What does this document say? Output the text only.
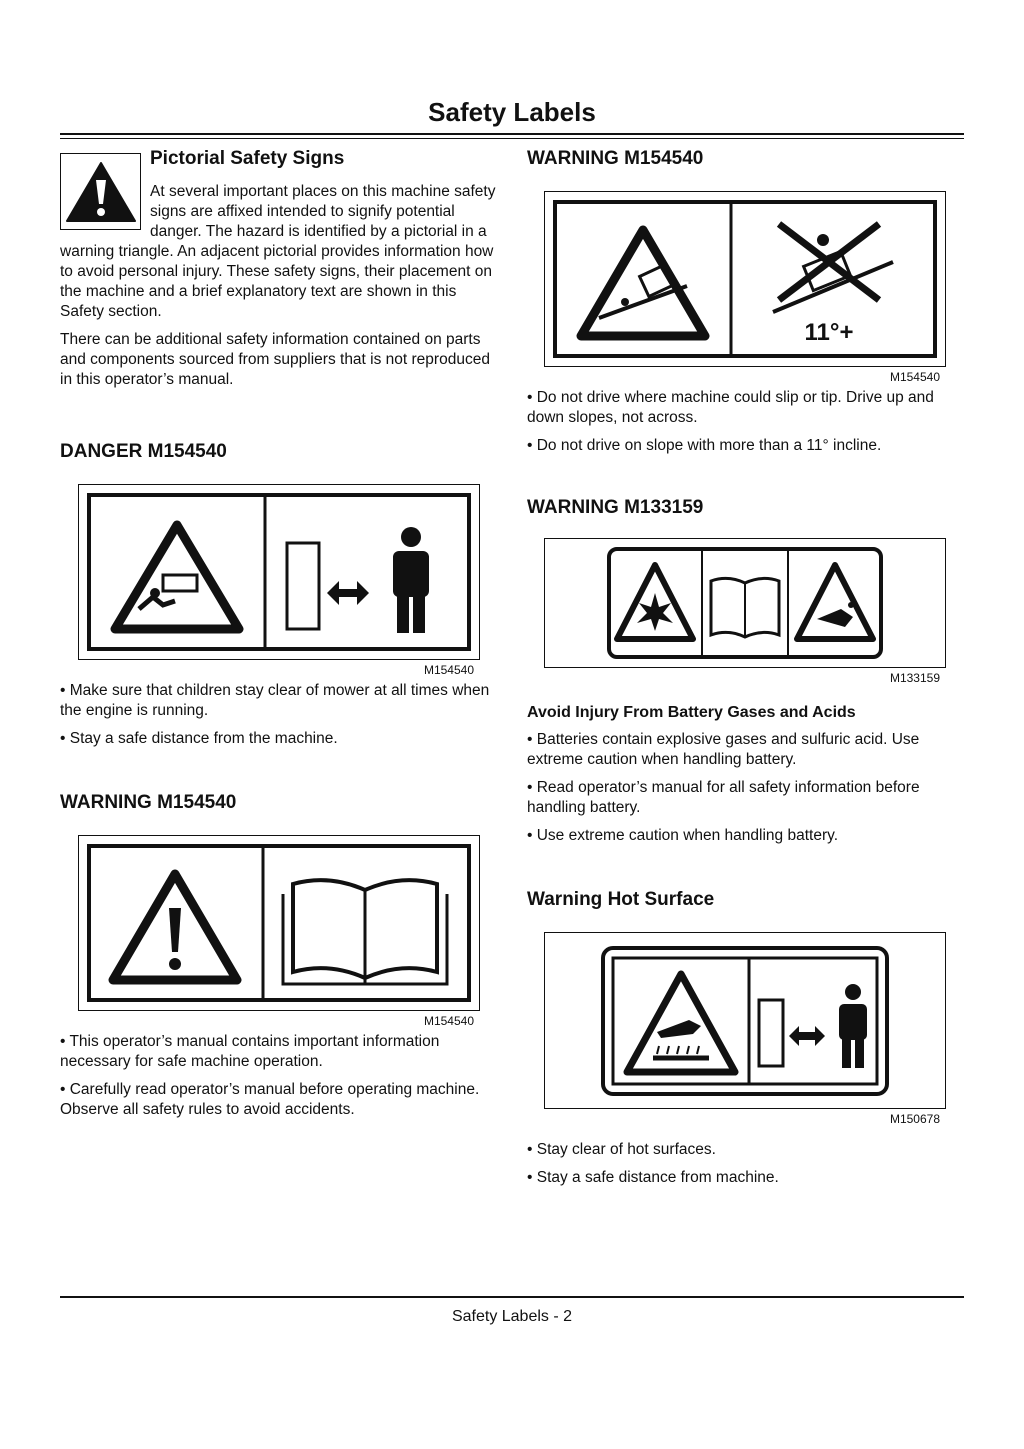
Safety Labels
Pictorial Safety Signs

At several important places on this machine safety signs are affixed intended to signify potential danger. The hazard is identified by a pictorial in a warning triangle. An adjacent pictorial provides information how to avoid personal injury. These safety signs, their placement on the machine and a brief explanatory text are shown in this Safety section.

There can be additional safety information contained on parts and components sourced from suppliers that is not reproduced in this operator’s manual.

DANGER M154540
M154540

• Make sure that children stay clear of mower at all times when the engine is running.

• Stay a safe distance from the machine.

WARNING M154540
M154540

• This operator’s manual contains important information necessary for safe machine operation.

• Carefully read operator’s manual before operating machine. Observe all safety rules to avoid accidents.

WARNING M154540
11°+
M154540

• Do not drive where machine could slip or tip. Drive up and down slopes, not across.

• Do not drive on slope with more than a 11° incline.

WARNING M133159
M133159
Avoid Injury From Battery Gases and Acids

• Batteries contain explosive gases and sulfuric acid. Use extreme caution when handling battery.

• Read operator’s manual for all safety information before handling battery.

• Use extreme caution when handling battery.

Warning Hot Surface
M150678

• Stay clear of hot surfaces.

• Stay a safe distance from machine.

Safety Labels - 2
